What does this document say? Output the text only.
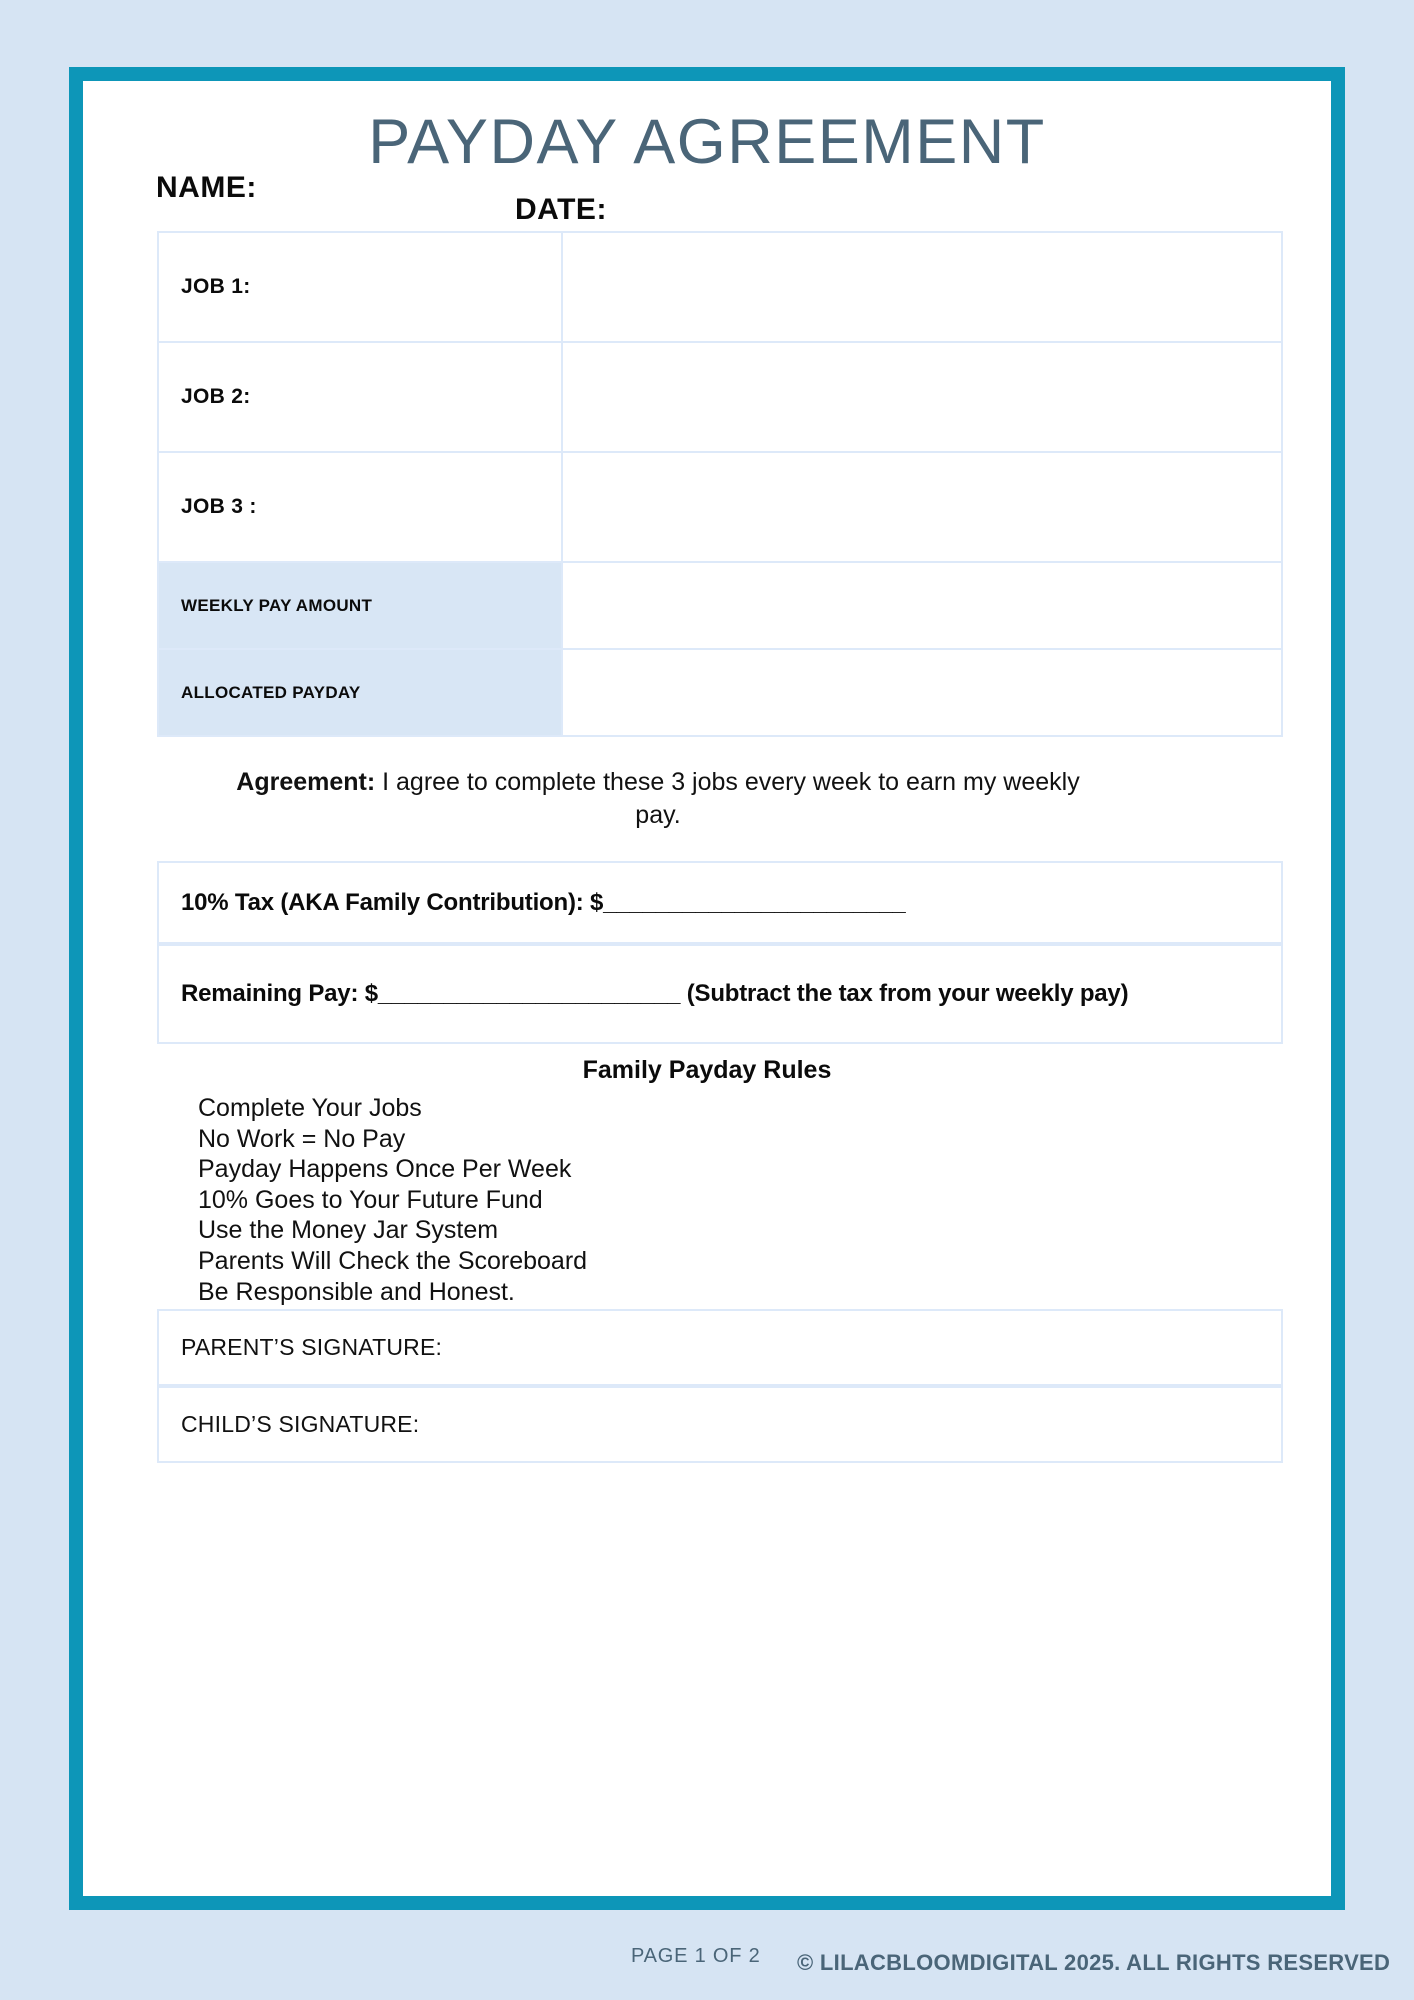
PAYDAY AGREEMENT
NAME:
DATE:
JOB 1:	
JOB 2:	
JOB 3 :	
WEEKLY PAY AMOUNT	
ALLOCATED PAYDAY	
Agreement: I agree to complete these 3 jobs every week to earn my weekly pay.
10% Tax (AKA Family Contribution): $_______________________
Remaining Pay: $_______________________ (Subtract the tax from your weekly pay)
Family Payday Rules
Complete Your Jobs
No Work = No Pay
Payday Happens Once Per Week
10% Goes to Your Future Fund
Use the Money Jar System
Parents Will Check the Scoreboard
Be Responsible and Honest.
PARENT’S SIGNATURE:
CHILD’S SIGNATURE:
PAGE 1 OF 2 © LILACBLOOMDIGITAL 2025. ALL RIGHTS RESERVED
